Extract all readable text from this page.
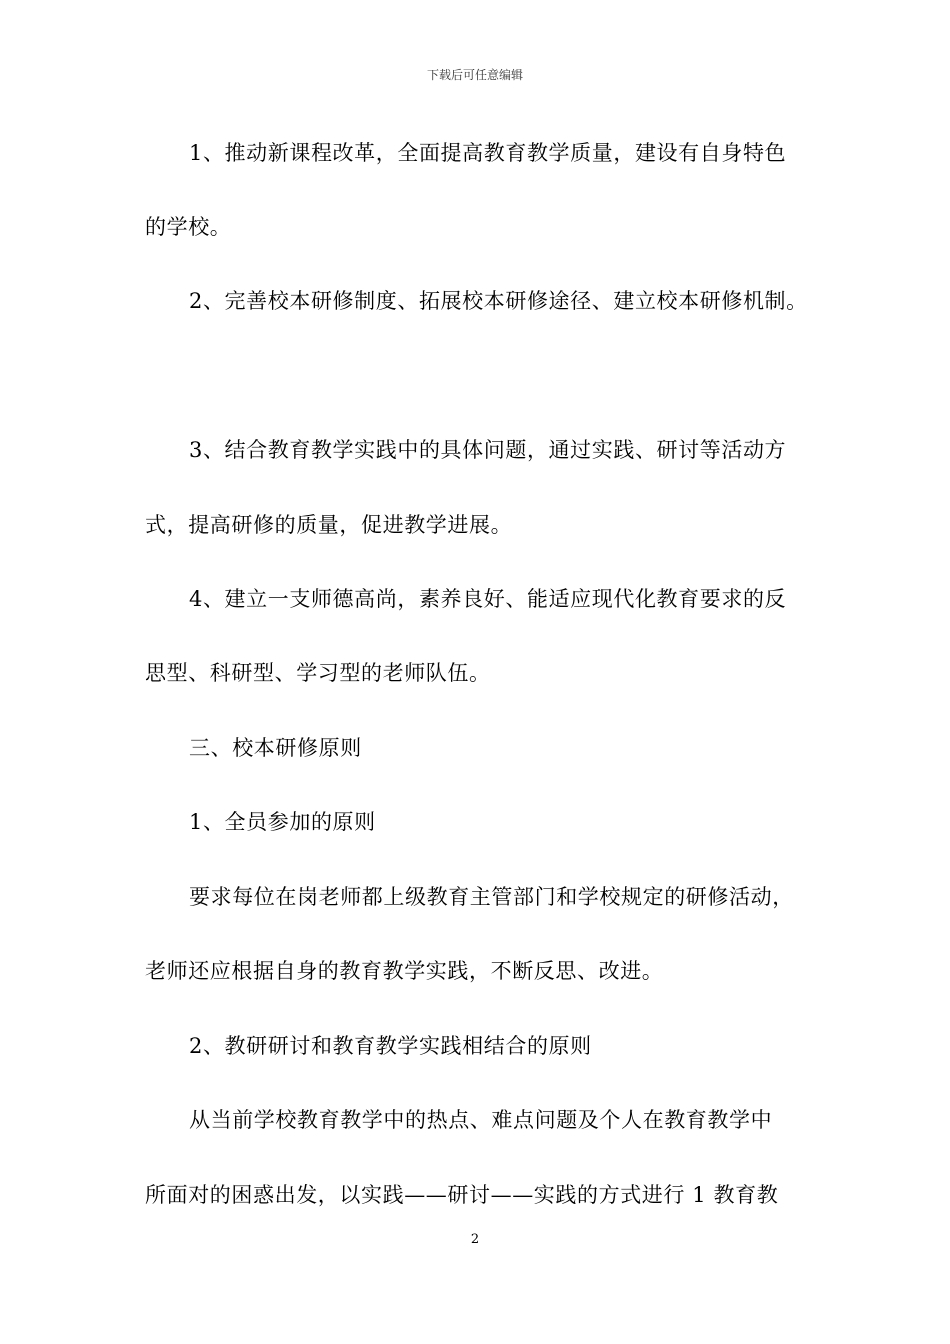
下载后可任意编辑
1、推动新课程改革，全面提高教育教学质量，建设有自身特色
的学校。
2、完善校本研修制度、拓展校本研修途径、建立校本研修机制。
3、结合教育教学实践中的具体问题，通过实践、研讨等活动方
式，提高研修的质量，促进教学进展。
4、建立一支师德高尚，素养良好、能适应现代化教育要求的反
思型、科研型、学习型的老师队伍。
三、校本研修原则
1、全员参加的原则
要求每位在岗老师都上级教育主管部门和学校规定的研修活动，
老师还应根据自身的教育教学实践，不断反思、改进。
2、教研研讨和教育教学实践相结合的原则
从当前学校教育教学中的热点、难点问题及个人在教育教学中
所面对的困惑出发，以实践——研讨——实践的方式进行 1 教育教
2
